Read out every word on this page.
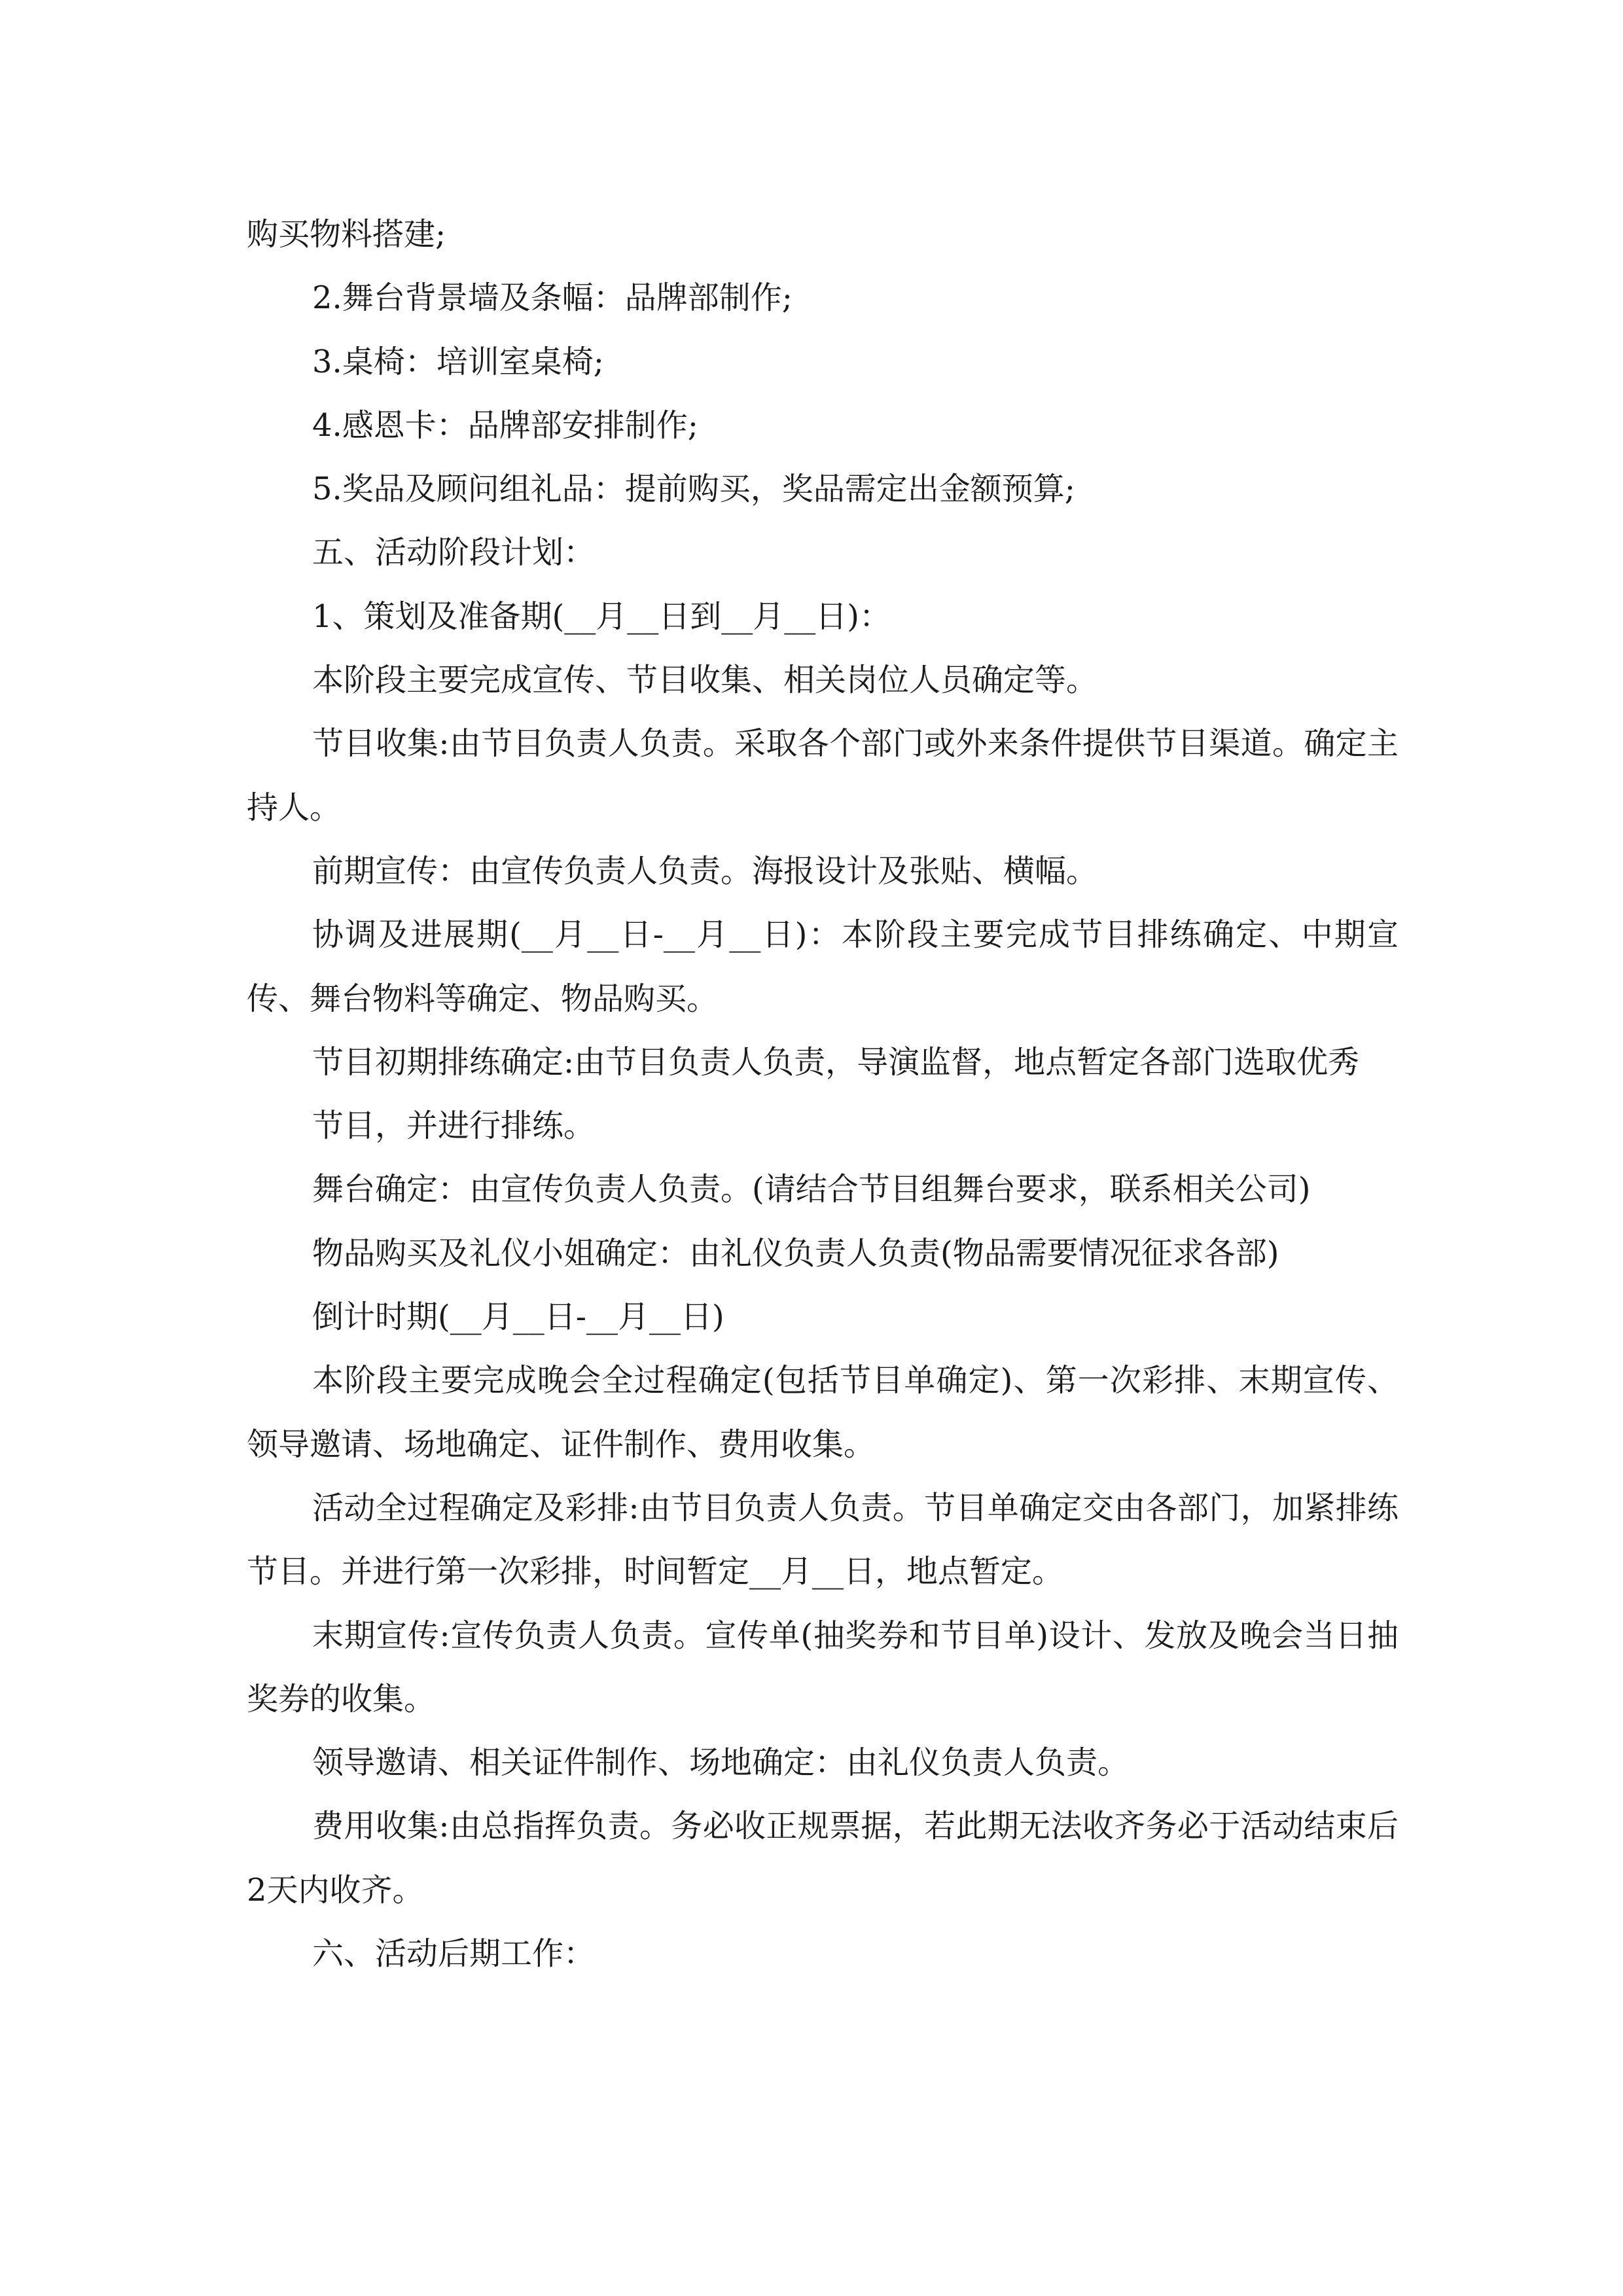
购买物料搭建;

2.舞台背景墙及条幅：品牌部制作;

3.桌椅：培训室桌椅;

4.感恩卡：品牌部安排制作;

5.奖品及顾问组礼品：提前购买，奖品需定出金额预算;

五、活动阶段计划：

1、策划及准备期(__月__日到__月__日)：

本阶段主要完成宣传、节目收集、相关岗位人员确定等。

节目收集:由节目负责人负责。采取各个部门或外来条件提供节目渠道。确定主持人。

前期宣传：由宣传负责人负责。海报设计及张贴、横幅。

协调及进展期(__月__日-__月__日)：本阶段主要完成节目排练确定、中期宣传、舞台物料等确定、物品购买。

节目初期排练确定:由节目负责人负责，导演监督，地点暂定各部门选取优秀

节目，并进行排练。

舞台确定：由宣传负责人负责。(请结合节目组舞台要求，联系相关公司)

物品购买及礼仪小姐确定：由礼仪负责人负责(物品需要情况征求各部)

倒计时期(__月__日-__月__日)

本阶段主要完成晚会全过程确定(包括节目单确定)、第一次彩排、末期宣传、领导邀请、场地确定、证件制作、费用收集。

活动全过程确定及彩排:由节目负责人负责。节目单确定交由各部门，加紧排练节目。并进行第一次彩排，时间暂定__月__日，地点暂定。

末期宣传:宣传负责人负责。宣传单(抽奖券和节目单)设计、发放及晚会当日抽奖券的收集。

领导邀请、相关证件制作、场地确定：由礼仪负责人负责。

费用收集:由总指挥负责。务必收正规票据，若此期无法收齐务必于活动结束后2天内收齐。

六、活动后期工作：
